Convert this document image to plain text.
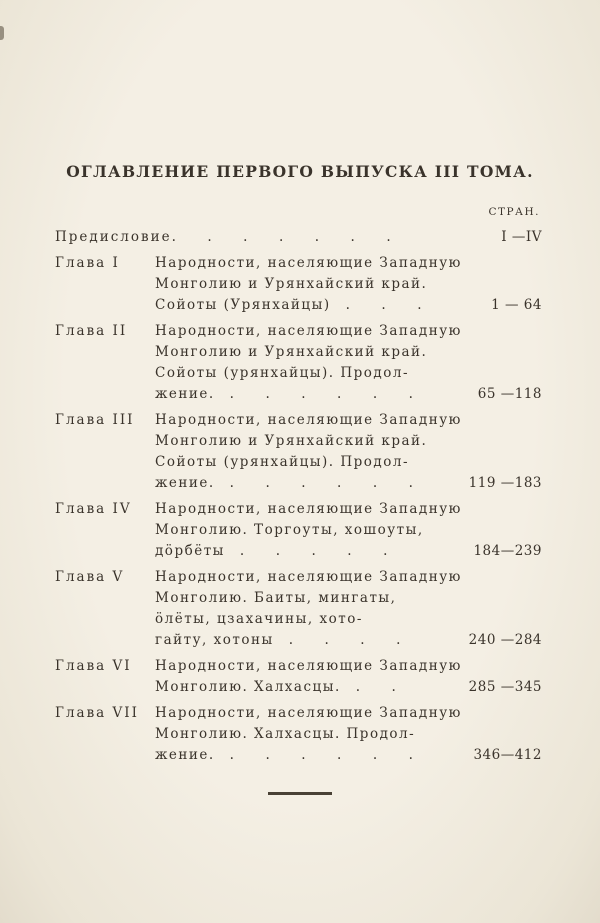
ОГЛАВЛЕНИЕ ПЕРВОГО ВЫПУСКА III ТОМА.
СТРАН.
Предисловие .  .  .  .  .  .  .	I —IV
Глава I	Народности, населяющие Западную
Монголию и Урянхайский край.
Сойоты (Урянхайцы) .  .  .	1 — 64
Глава II	Народности, населяющие Западную
Монголию и Урянхайский край.
Сойоты (урянхайцы). Продол-
жение. .  .  .  .  .  .	65 —118
Глава III	Народности, населяющие Западную
Монголию и Урянхайский край.
Сойоты (урянхайцы). Продол-
жение. .  .  .  .  .  .	119 —183
Глава IV	Народности, населяющие Западную
Монголию. Торгоуты, хошоуты,
дöрбёты .  .  .  .  .	184—239
Глава V	Народности, населяющие Западную
Монголию. Баиты, мингаты,
öлёты, цзахачины, хото-
гайту, хотоны .  .  .  .	240 —284
Глава VI	Народности, населяющие Западную
Монголию. Халхасцы. .  .	285 —345
Глава VII	Народности, населяющие Западную
Монголию. Халхасцы. Продол-
жение. .  .  .  .  .  .	346—412
